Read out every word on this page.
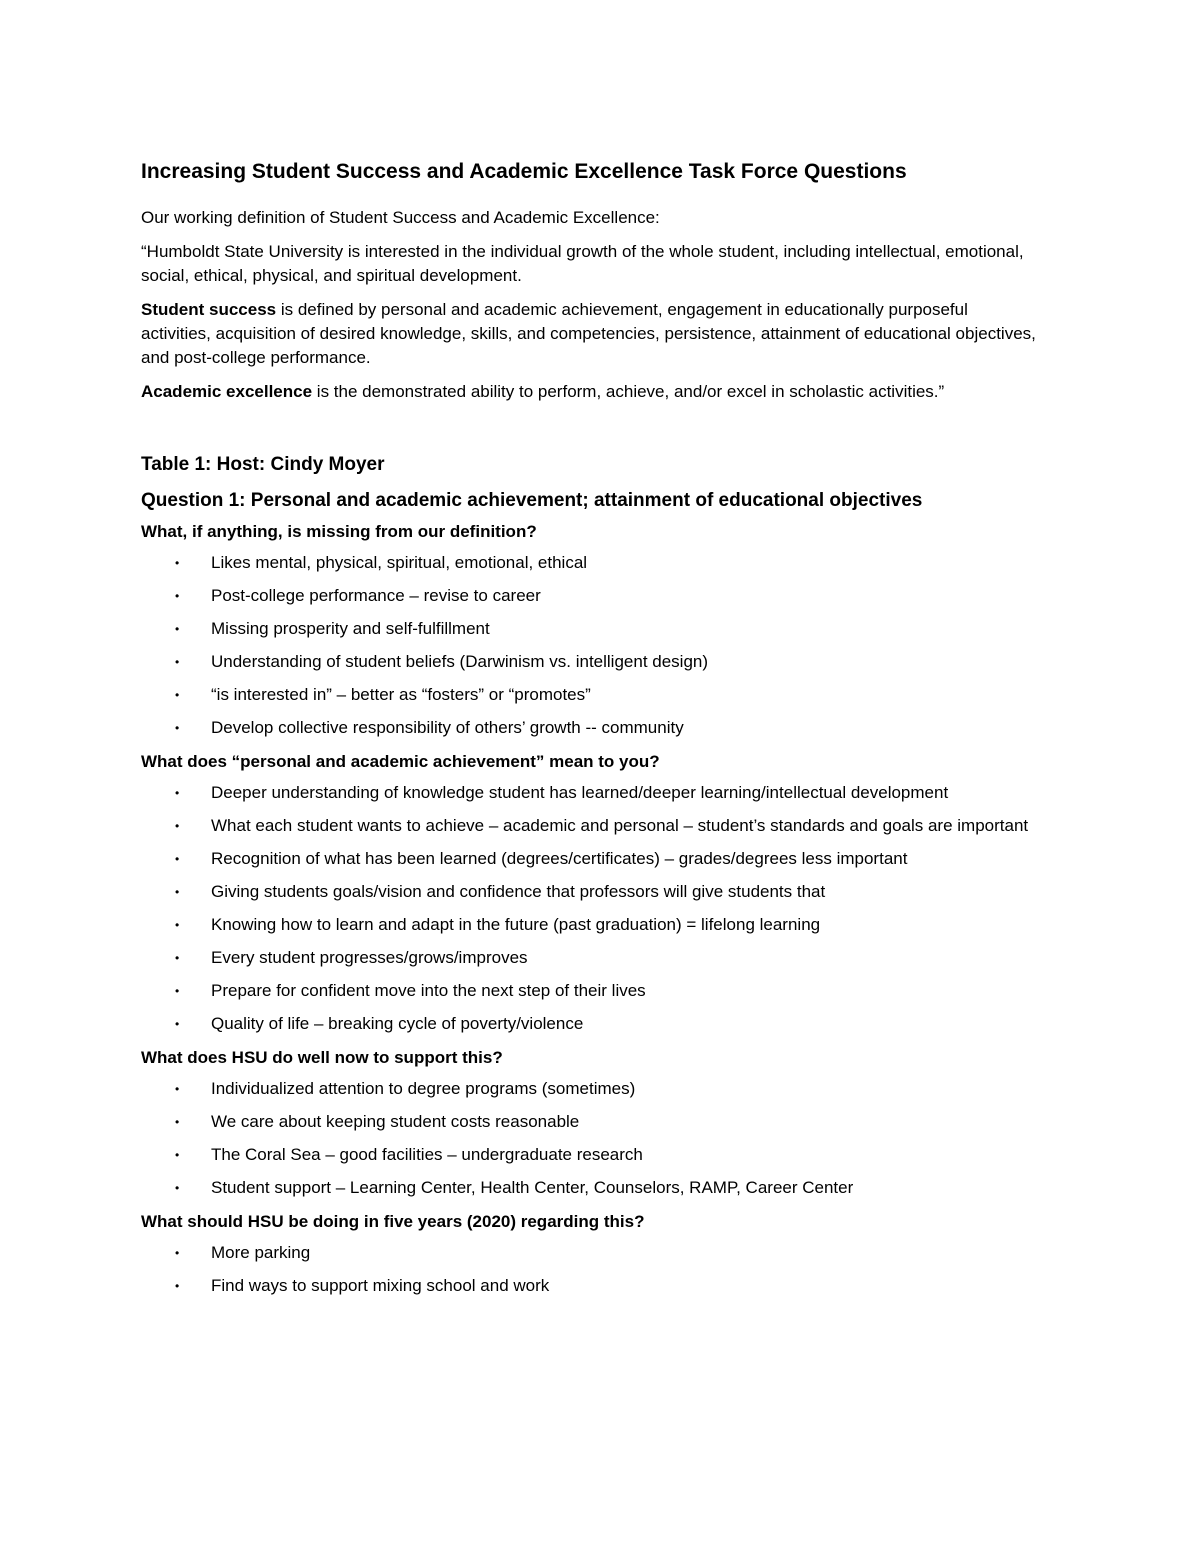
Increasing Student Success and Academic Excellence Task Force Questions

Our working definition of Student Success and Academic Excellence:

“Humboldt State University is interested in the individual growth of the whole student, including intellectual, emotional, social, ethical, physical, and spiritual development.

Student success is defined by personal and academic achievement, engagement in educationally purposeful activities, acquisition of desired knowledge, skills, and competencies, persistence, attainment of educational objectives, and post-college performance.

Academic excellence is the demonstrated ability to perform, achieve, and/or excel in scholastic activities.”

Table 1: Host: Cindy Moyer
Question 1: Personal and academic achievement; attainment of educational objectives

What, if anything, is missing from our definition?

• Likes mental, physical, spiritual, emotional, ethical
• Post-college performance – revise to career
• Missing prosperity and self-fulfillment
• Understanding of student beliefs (Darwinism vs. intelligent design)
• “is interested in” – better as “fosters” or “promotes”
• Develop collective responsibility of others’ growth -- community

What does “personal and academic achievement” mean to you?

• Deeper understanding of knowledge student has learned/deeper learning/intellectual development
• What each student wants to achieve – academic and personal – student’s standards and goals are important
• Recognition of what has been learned (degrees/certificates) – grades/degrees less important
• Giving students goals/vision and confidence that professors will give students that
• Knowing how to learn and adapt in the future (past graduation) = lifelong learning
• Every student progresses/grows/improves
• Prepare for confident move into the next step of their lives
• Quality of life – breaking cycle of poverty/violence

What does HSU do well now to support this?

• Individualized attention to degree programs (sometimes)
• We care about keeping student costs reasonable
• The Coral Sea – good facilities – undergraduate research
• Student support – Learning Center, Health Center, Counselors, RAMP, Career Center

What should HSU be doing in five years (2020) regarding this?

• More parking
• Find ways to support mixing school and work
